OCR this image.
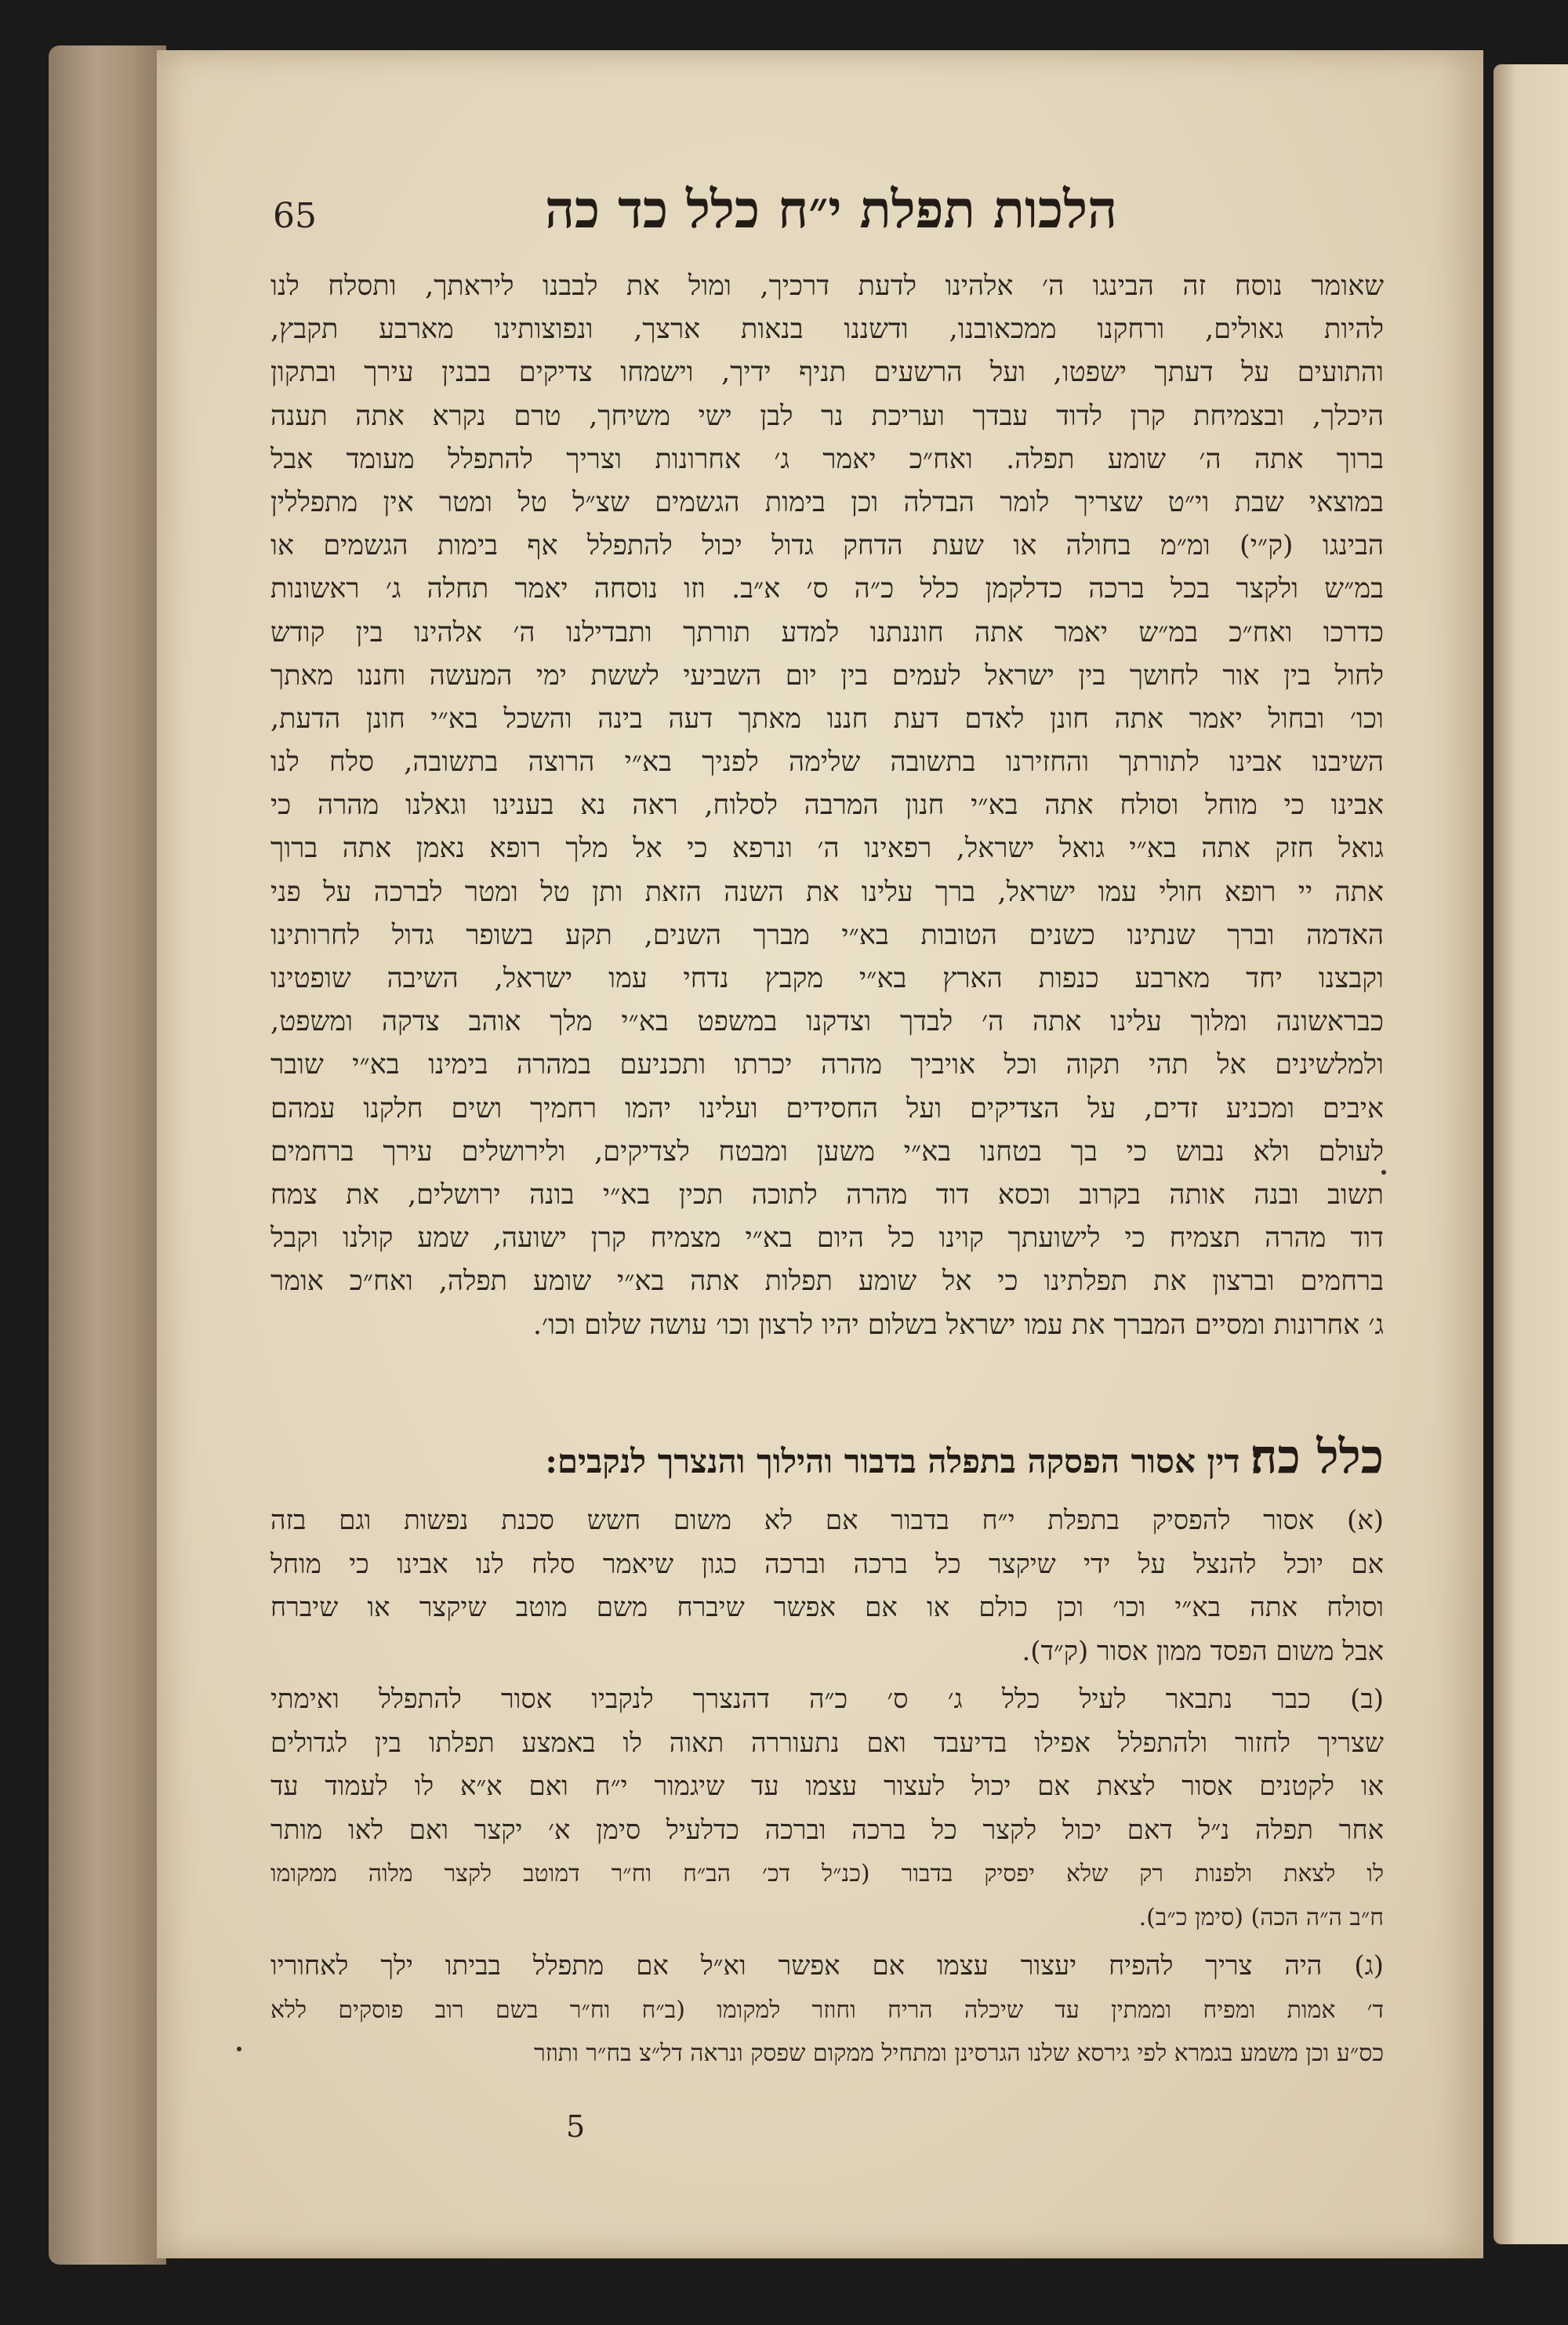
65	הלכות תפלת י״ח כלל כד כה
שאומר נוסח זה הבינגו ה׳ אלהינו לדעת דרכיך, ומול את לבבנו ליראתך, ותסלח לנו
להיות גאולים, ורחקנו ממכאובנו, ודשננו בנאות ארצך, ונפוצותינו מארבע תקבץ,
והתועים על דעתך ישפטו, ועל הרשעים תניף ידיך, וישמחו צדיקים בבנין עירך ובתקון
היכלך, ובצמיחת קרן לדוד עבדך ועריכת נר לבן ישי משיחך, טרם נקרא אתה תענה
ברוך אתה ה׳ שומע תפלה. ואח״כ יאמר ג׳ אחרונות וצריך להתפלל מעומד אבל
במוצאי שבת וי״ט שצריך לומר הבדלה וכן בימות הגשמים שצ״ל טל ומטר אין מתפללין
הבינגו (ק״י) ומ״מ בחולה או שעת הדחק גדול יכול להתפלל אף בימות הגשמים או
במ״ש ולקצר בכל ברכה כדלקמן כלל כ״ה ס׳ א״ב. וזו נוסחה יאמר תחלה ג׳ ראשונות
כדרכו ואח״כ במ״ש יאמר אתה חוננתנו למדע תורתך ותבדילנו ה׳ אלהינו בין קודש
לחול בין אור לחושך בין ישראל לעמים בין יום השביעי לששת ימי המעשה וחננו מאתך
וכו׳ ובחול יאמר אתה חונן לאדם דעת חננו מאתך דעה בינה והשכל בא״י חונן הדעת,
השיבנו אבינו לתורתך והחזירנו בתשובה שלימה לפניך בא״י הרוצה בתשובה, סלח לנו
אבינו כי מוחל וסולח אתה בא״י חנון המרבה לסלוח, ראה נא בענינו וגאלנו מהרה כי
גואל חזק אתה בא״י גואל ישראל, רפאינו ה׳ ונרפא כי אל מלך רופא נאמן אתה ברוך
אתה יי רופא חולי עמו ישראל, ברך עלינו את השנה הזאת ותן טל ומטר לברכה על פני
האדמה וברך שנתינו כשנים הטובות בא״י מברך השנים, תקע בשופר גדול לחרותינו
וקבצנו יחד מארבע כנפות הארץ בא״י מקבץ נדחי עמו ישראל, השיבה שופטינו
כבראשונה ומלוך עלינו אתה ה׳ לבדך וצדקנו במשפט בא״י מלך אוהב צדקה ומשפט,
ולמלשינים אל תהי תקוה וכל אויביך מהרה יכרתו ותכניעם במהרה בימינו בא״י שובר
איבים ומכניע זדים, על הצדיקים ועל החסידים ועלינו יהמו רחמיך ושים חלקנו עמהם
לעולם ולא נבוש כי בך בטחנו בא״י משען ומבטח לצדיקים, ולירושלים עירך ברחמים
תשוב ובנה אותה בקרוב וכסא דוד מהרה לתוכה תכין בא״י בונה ירושלים, את צמח
דוד מהרה תצמיח כי לישועתך קוינו כל היום בא״י מצמיח קרן ישועה, שמע קולנו וקבל
ברחמים וברצון את תפלתינו כי אל שומע תפלות אתה בא״י שומע תפלה, ואח״כ אומר
ג׳ אחרונות ומסיים המברך את עמו ישראל בשלום יהיו לרצון וכו׳ עושה שלום וכו׳.
כלל כה׃ דין אסור הפסקה בתפלה בדבור והילוך והנצרך לנקבים:
(א) אסור להפסיק בתפלת י״ח בדבור אם לא משום חשש סכנת נפשות וגם בזה
אם יוכל להנצל על ידי שיקצר כל ברכה וברכה כגון שיאמר סלח לנו אבינו כי מוחל
וסולח אתה בא״י וכו׳ וכן כולם או אם אפשר שיברח משם מוטב שיקצר או שיברח
אבל משום הפסד ממון אסור (ק״ד).
(ב) כבר נתבאר לעיל כלל ג׳ ס׳ כ״ה דהנצרך לנקביו אסור להתפלל ואימתי
שצריך לחזור ולהתפלל אפילו בדיעבד ואם נתעוררה תאוה לו באמצע תפלתו בין לגדולים
או לקטנים אסור לצאת אם יכול לעצור עצמו עד שיגמור י״ח ואם א״א לו לעמוד עד
אחר תפלה נ״ל דאם יכול לקצר כל ברכה וברכה כדלעיל סימן א׳ יקצר ואם לאו מותר
לו לצאת ולפנות רק שלא יפסיק בדבור (כנ״ל דכ׳ הב״ח וח״ר דמוטב לקצר מלוה ממקומו
ח״ב ה״ה הכה) (סימן כ״ב).
(ג) היה צריך להפיח יעצור עצמו אם אפשר וא״ל אם מתפלל בביתו ילך לאחוריו
ד׳ אמות ומפיח וממתין עד שיכלה הריח וחוזר למקומו (ב״ח וח״ר בשם רוב פוסקים ללא
כס״ע וכן משמע בגמרא לפי גירסא שלנו הגרסינן ומתחיל ממקום שפסק ונראה דל״צ בח״ר ותוזר
5
